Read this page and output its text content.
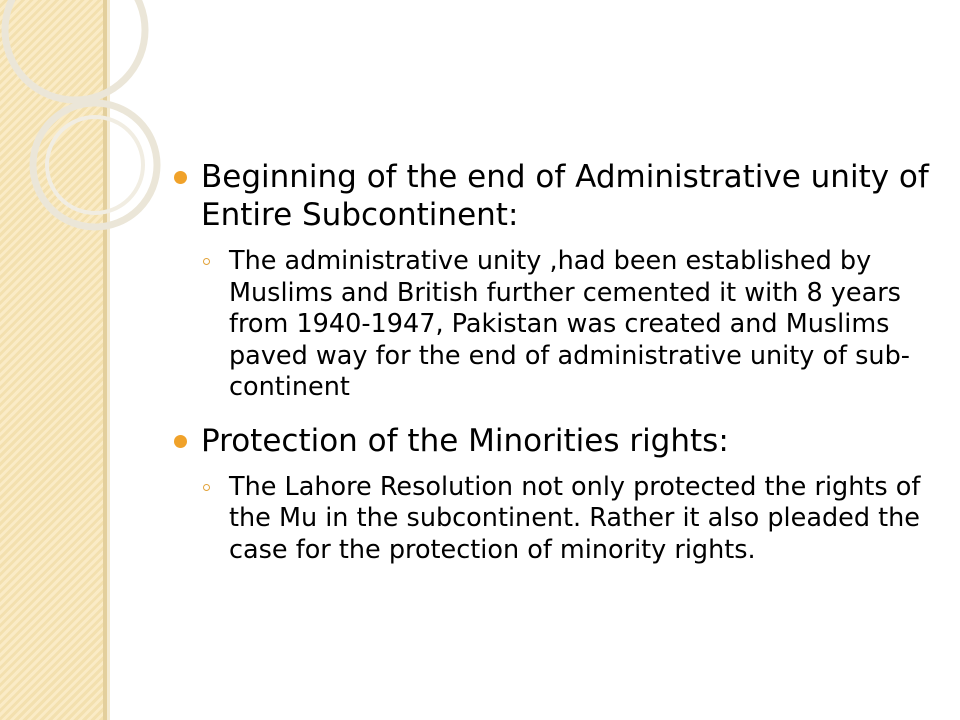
Beginning of the end of Administrative unity of Entire Subcontinent:
The administrative unity ,had been established by Muslims and British further cemented it with 8 years from 1940-1947, Pakistan was created and Muslims paved way for the end of administrative unity of sub-continent
Protection of the Minorities rights:
The Lahore Resolution not only protected the rights of the Mu in the subcontinent. Rather it also pleaded the case for the protection of minority rights.
